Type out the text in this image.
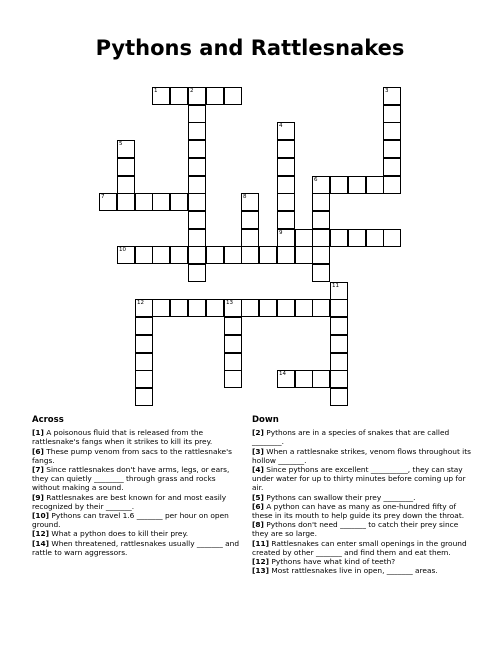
Pythons and Rattlesnakes
1	2	3
4
5
6
7	8
9
10
11
12	13
14
Across

[1] A poisonous fluid that is released from the rattlesnake's fangs when it strikes to kill its prey.

[6] These pump venom from sacs to the rattlesnake's fangs.

[7] Since rattlesnakes don't have arms, legs, or ears, they can quietly ________ through grass and rocks without making a sound.

[9] Rattlesnakes are best known for and most easily recognized by their _______.

[10] Pythons can travel 1.6 _______ per hour on open ground.

[12] What a python does to kill their prey.

[14] When threatened, rattlesnakes usually _______ and rattle to warn aggressors.

Down

[2] Pythons are in a species of snakes that are called ________.

[3] When a rattlesnake strikes, venom flows throughout its hollow _______.

[4] Since pythons are excellent __________, they can stay under water for up to thirty minutes before coming up for air.

[5] Pythons can swallow their prey ________.

[6] A python can have as many as one-hundred fifty of these in its mouth to help guide its prey down the throat.

[8] Pythons don't need _______ to catch their prey since they are so large.

[11] Rattlesnakes can enter small openings in the ground created by other _______ and find them and eat them.

[12] Pythons have what kind of teeth?

[13] Most rattlesnakes live in open, _______ areas.
